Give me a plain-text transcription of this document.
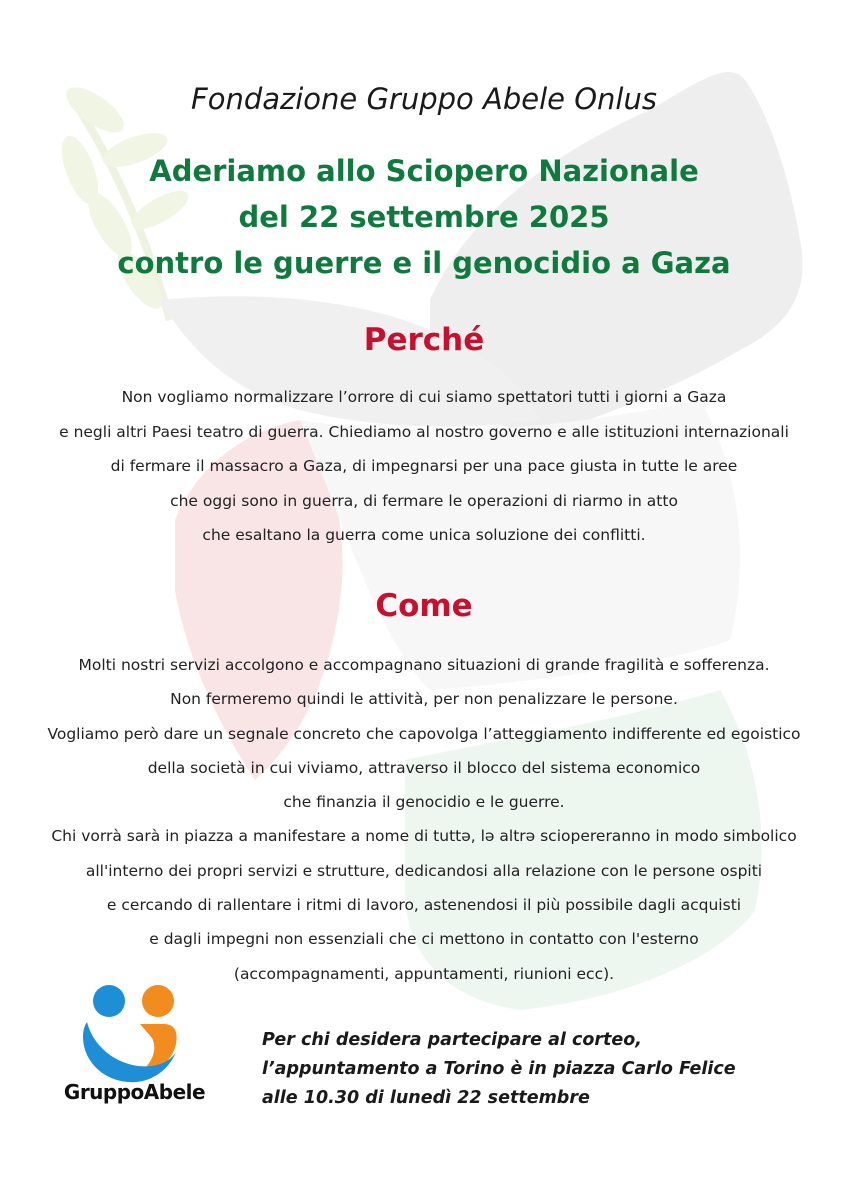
Fondazione Gruppo Abele Onlus

Aderiamo allo Sciopero Nazionale
del 22 settembre 2025
contro le guerre e il genocidio a Gaza
Perché
Non vogliamo normalizzare l’orrore di cui siamo spettatori tutti i giorni a Gaza
e negli altri Paesi teatro di guerra. Chiediamo al nostro governo e alle istituzioni internazionali
di fermare il massacro a Gaza, di impegnarsi per una pace giusta in tutte le aree
che oggi sono in guerra, di fermare le operazioni di riarmo in atto
che esaltano la guerra come unica soluzione dei conflitti.
Come
Molti nostri servizi accolgono e accompagnano situazioni di grande fragilità e sofferenza.
Non fermeremo quindi le attività, per non penalizzare le persone.
Vogliamo però dare un segnale concreto che capovolga l’atteggiamento indifferente ed egoistico
della società in cui viviamo, attraverso il blocco del sistema economico
che finanzia il genocidio e le guerre.
Chi vorrà sarà in piazza a manifestare a nome di tuttə, lə altrə sciopereranno in modo simbolico
all'interno dei propri servizi e strutture, dedicandosi alla relazione con le persone ospiti
e cercando di rallentare i ritmi di lavoro, astenendosi il più possibile dagli acquisti
e dagli impegni non essenziali che ci mettono in contatto con l'esterno
(accompagnamenti, appuntamenti, riunioni ecc).
GruppoAbele

Per chi desidera partecipare al corteo,
l’appuntamento a Torino è in piazza Carlo Felice
alle 10.30 di lunedì 22 settembre
